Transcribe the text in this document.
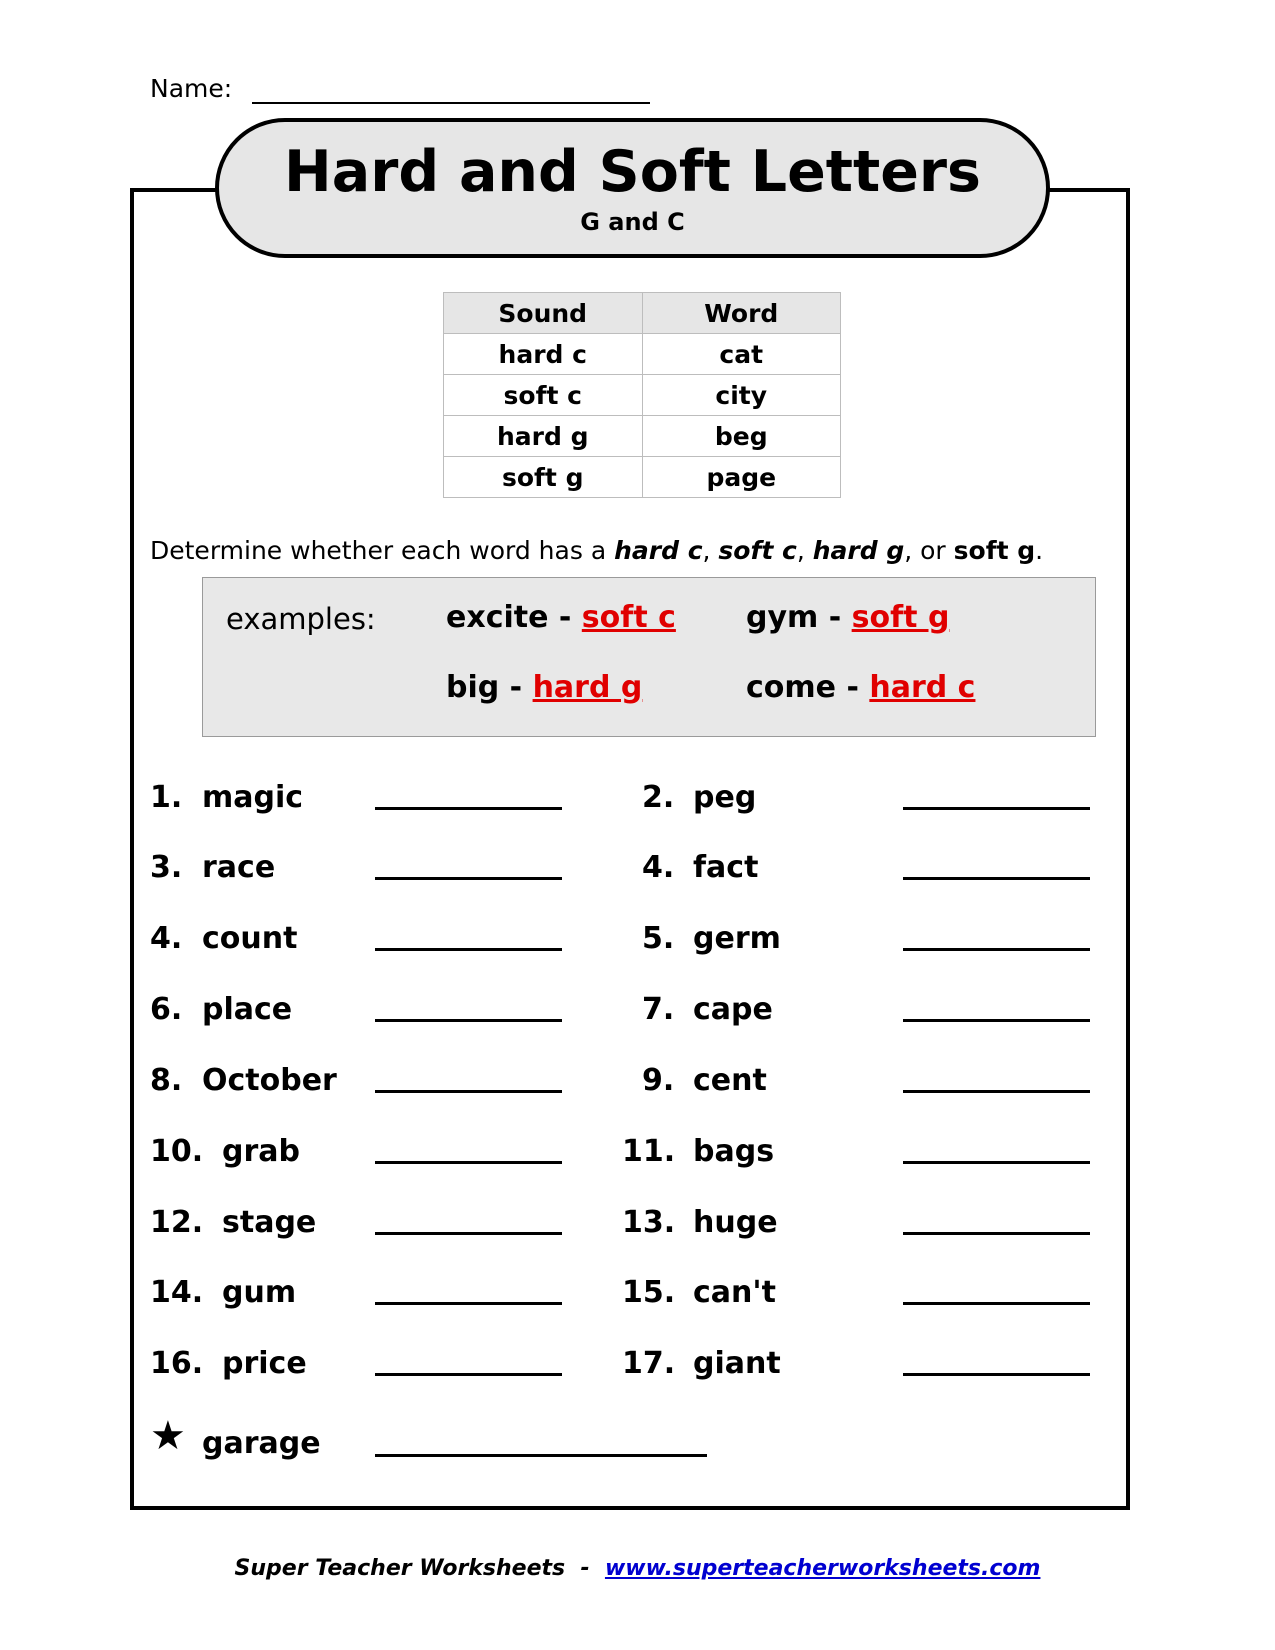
Name:
Hard and Soft Letters
G and C
Sound	Word
hard c	cat
soft c	city
hard g	beg
soft g	page
Determine whether each word has a hard c, soft c, hard g, or soft g.
examples: excite - soft c gym - soft g
big - hard g	come - hard c
1. magic	2. peg
3. race	4. fact
4. count	5. germ
6. place	7. cape
8. October	9. cent
10. grab	11. bags
12. stage	13. huge
14. gum	15. can't
16. price	17. giant
★ garage
Super Teacher Worksheets - www.superteacherworksheets.com
